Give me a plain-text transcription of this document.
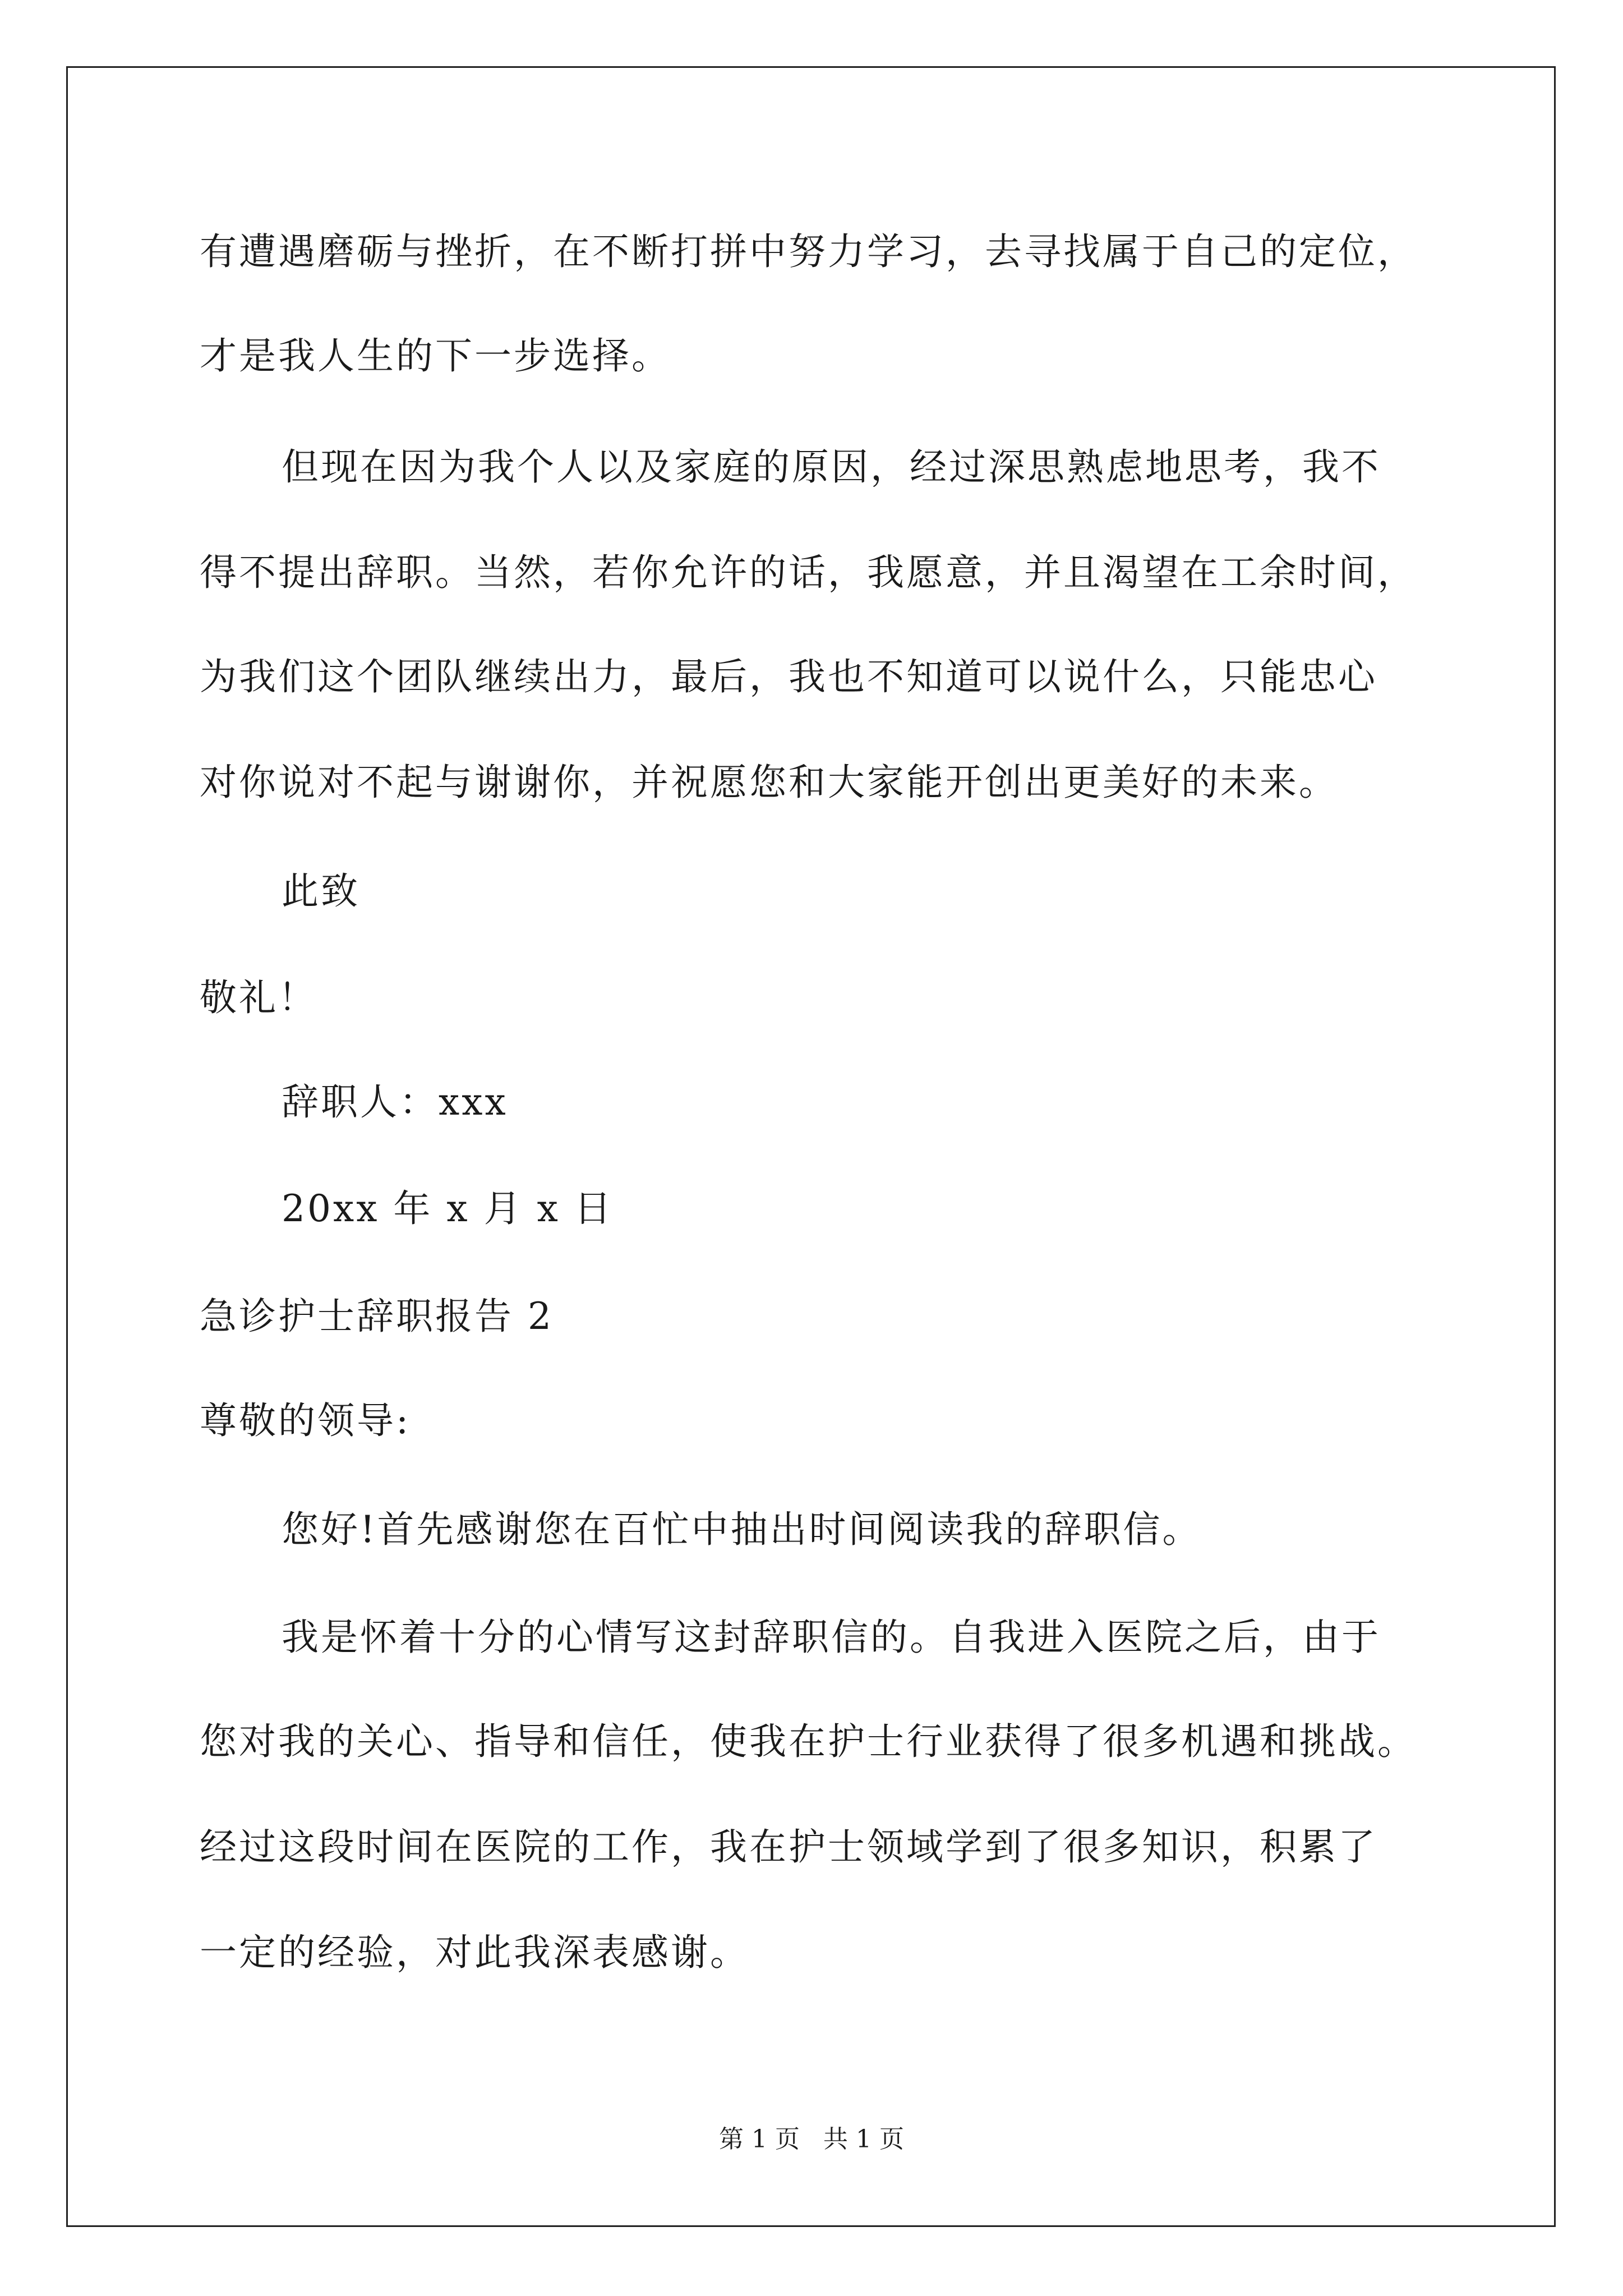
有遭遇磨砺与挫折，在不断打拼中努力学习，去寻找属于自己的定位，
才是我人生的下一步选择。
但现在因为我个人以及家庭的原因，经过深思熟虑地思考，我不
得不提出辞职。当然，若你允许的话，我愿意，并且渴望在工余时间，
为我们这个团队继续出力，最后，我也不知道可以说什么，只能忠心
对你说对不起与谢谢你，并祝愿您和大家能开创出更美好的未来。
此致
敬礼！
辞职人：xxx
20xx 年 x 月 x 日
急诊护士辞职报告 2
尊敬的领导:
您好!首先感谢您在百忙中抽出时间阅读我的辞职信。
我是怀着十分的心情写这封辞职信的。自我进入医院之后，由于
您对我的关心、指导和信任，使我在护士行业获得了很多机遇和挑战。
经过这段时间在医院的工作，我在护士领域学到了很多知识，积累了
一定的经验，对此我深表感谢。
第 1 页   共 1 页
